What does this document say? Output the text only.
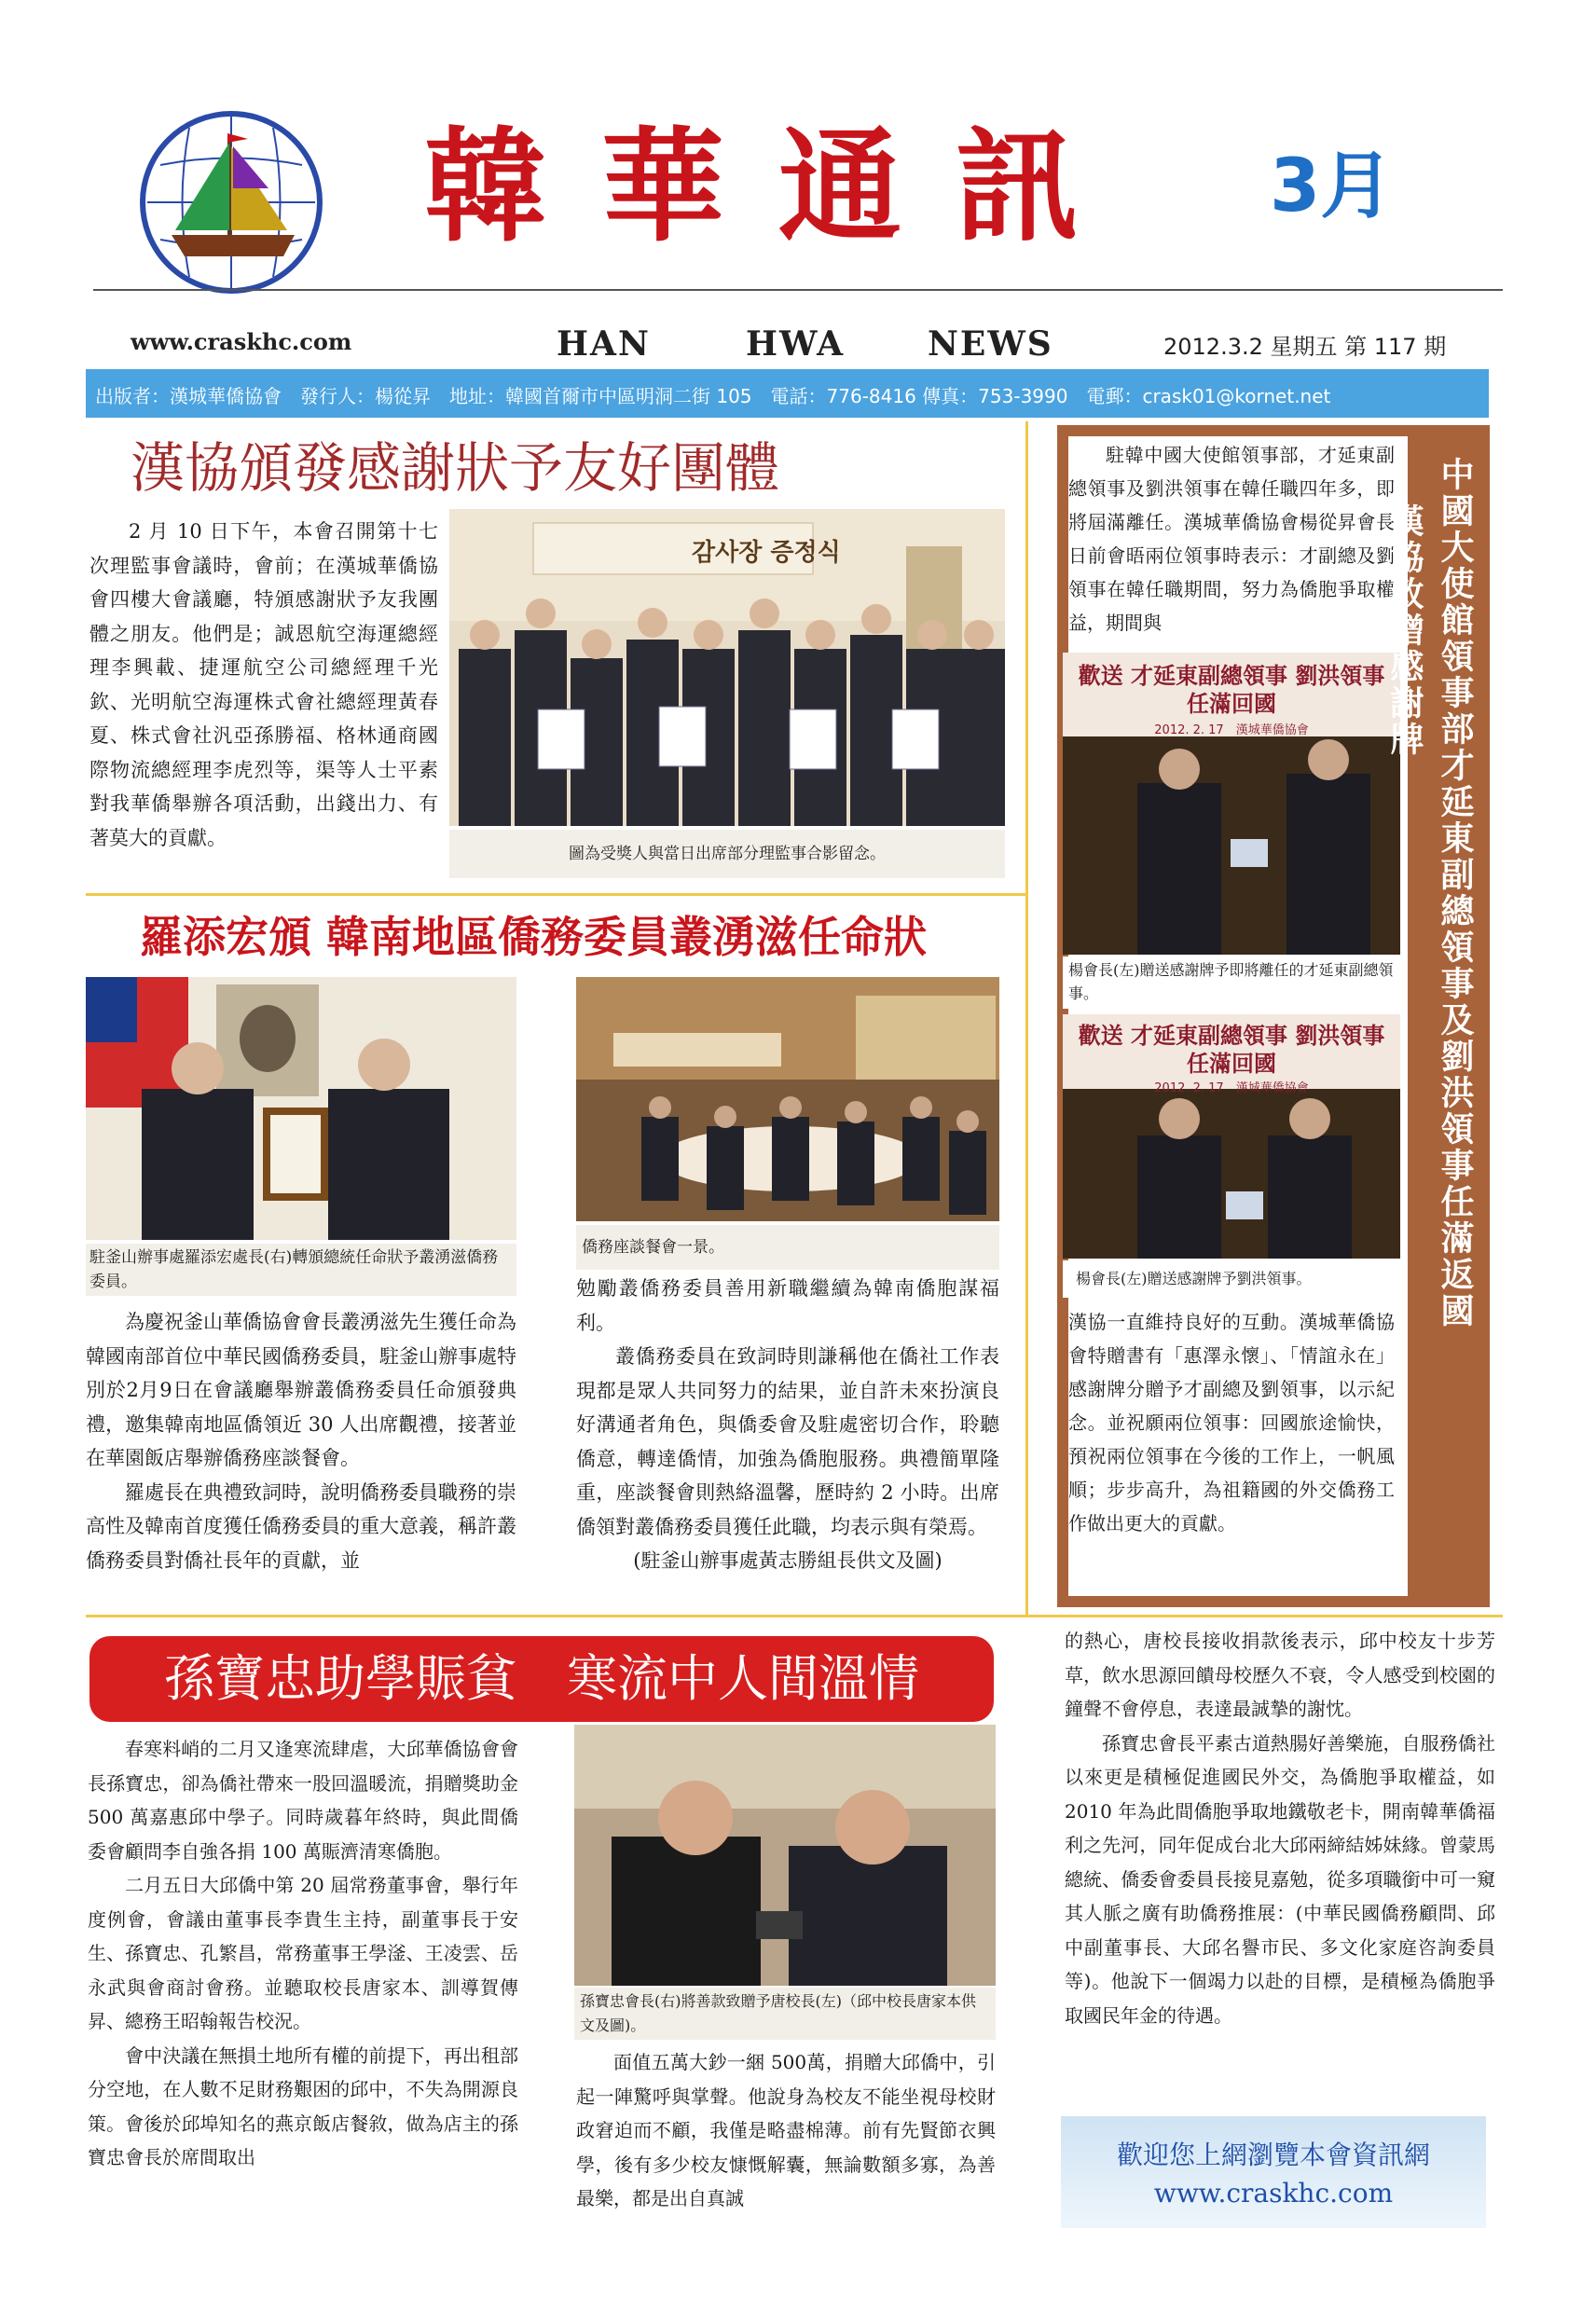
韓 華 通 訊	3月
www.craskhc.com	HAN	HWA NEWS	2012.3.2 星期五 第 117 期
出版者：漢城華僑協會　發行人：楊從昇　地址：韓國首爾市中區明洞二街 105　電話：776-8416 傳真：753-3990　電郵：crask01@kornet.net
漢協頒發感謝狀予友好團體

2 月 10 日下午，本會召開第十七次理監事會議時，會前；在漢城華僑協會四樓大會議廳，特頒感謝狀予友我團體之朋友。他們是；誠恩航空海運總經理李興載、捷運航空公司總經理千光欽、光明航空海運株式會社總經理黃春夏、株式會社汎亞孫勝福、格林通商國際物流總經理李虎烈等，渠等人士平素對我華僑舉辦各項活動，出錢出力、有著莫大的貢獻。

감사장 증정식
圖為受獎人與當日出席部分理監事合影留念。
羅添宏頒 韓南地區僑務委員叢湧滋任命狀
駐釜山辦事處羅添宏處長(右)轉頒總統任命狀予叢湧滋僑務委員。
僑務座談餐會一景。

為慶祝釜山華僑協會會長叢湧滋先生獲任命為韓國南部首位中華民國僑務委員，駐釜山辦事處特別於2月9日在會議廳舉辦叢僑務委員任命頒發典禮，邀集韓南地區僑領近 30 人出席觀禮，接著並在華園飯店舉辦僑務座談餐會。

羅處長在典禮致詞時，說明僑務委員職務的崇高性及韓南首度獲任僑務委員的重大意義，稱許叢僑務委員對僑社長年的貢獻，並

勉勵叢僑務委員善用新職繼續為韓南僑胞謀福利。

叢僑務委員在致詞時則謙稱他在僑社工作表現都是眾人共同努力的結果，並自許未來扮演良好溝通者角色，與僑委會及駐處密切合作，聆聽僑意，轉達僑情，加強為僑胞服務。典禮簡單隆重，座談餐會則熱絡溫馨，歷時約 2 小時。出席僑領對叢僑務委員獲任此職，均表示與有榮焉。

(駐釜山辦事處黃志勝組長供文及圖)

駐韓中國大使館領事部，才延東副總領事及劉洪領事在韓任職四年多，即將屆滿離任。漢城華僑協會楊從昇會長日前會晤兩位領事時表示：才副總及劉領事在韓任職期間，努力為僑胞爭取權益，期間與

歡送 才延東副總領事 劉洪領事 任滿回國
2012. 2. 17　漢城華僑協會
楊會長(左)贈送感謝牌予即將離任的才延東副總領事。
歡送 才延東副總領事 劉洪領事 任滿回國
2012. 2. 17　漢城華僑協會
楊會長(左)贈送感謝牌予劉洪領事。

漢協一直維持良好的互動。漢城華僑協會特贈書有「惠澤永懷」、「情誼永在」感謝牌分贈予才副總及劉領事，以示紀念。並祝願兩位領事：回國旅途愉快，預祝兩位領事在今後的工作上，一帆風順；步步高升，為祖籍國的外交僑務工作做出更大的貢獻。

中國大使館領事部才延東副總領事及劉洪領事任滿返國漢協致贈感謝牌
孫寶忠助學賑貧　寒流中人間溫情

春寒料峭的二月又逢寒流肆虐，大邱華僑協會會長孫寶忠，卻為僑社帶來一股回溫暖流，捐贈獎助金 500 萬嘉惠邱中學子。同時歲暮年終時，與此間僑委會顧問李自強各捐 100 萬賑濟清寒僑胞。

二月五日大邱僑中第 20 屆常務董事會，舉行年度例會，會議由董事長李貴生主持，副董事長于安生、孫寶忠、孔繁昌，常務董事王學滏、王凌雲、岳永武與會商討會務。並聽取校長唐家本、訓導賀傳昇、總務王昭翰報告校況。

會中決議在無損土地所有權的前提下，再出租部分空地，在人數不足財務艱困的邱中，不失為開源良策。會後於邱埠知名的燕京飯店餐敘，做為店主的孫寶忠會長於席間取出

孫寶忠會長(右)將善款致贈予唐校長(左)（邱中校長唐家本供文及圖)。

面值五萬大鈔一綑 500萬，捐贈大邱僑中，引起一陣驚呼與掌聲。他說身為校友不能坐視母校財政窘迫而不顧，我僅是略盡棉薄。前有先賢節衣興學，後有多少校友慷慨解囊，無論數額多寡，為善最樂，都是出自真誠

的熱心，唐校長接收捐款後表示，邱中校友十步芳草，飲水思源回饋母校歷久不衰，令人感受到校園的鐘聲不會停息，表達最誠摯的謝忱。

孫寶忠會長平素古道熱腸好善樂施，自服務僑社以來更是積極促進國民外交，為僑胞爭取權益，如 2010 年為此間僑胞爭取地鐵敬老卡，開南韓華僑福利之先河，同年促成台北大邱兩締結姊妹緣。曾蒙馬總統、僑委會委員長接見嘉勉，從多項職銜中可一窺其人脈之廣有助僑務推展：(中華民國僑務顧問、邱中副董事長、大邱名譽市民、多文化家庭咨詢委員等)。他說下一個竭力以赴的目標，是積極為僑胞爭取國民年金的待遇。

歡迎您上網瀏覽本會資訊網
www.craskhc.com
